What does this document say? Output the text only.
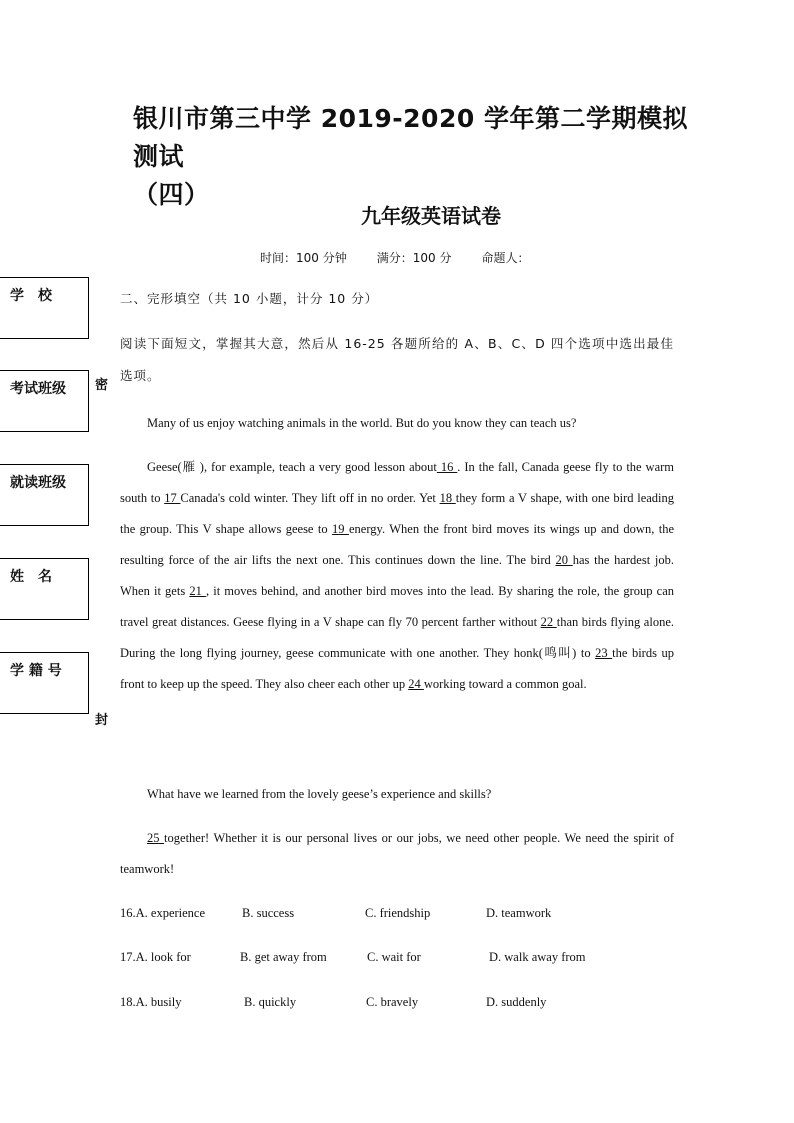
银川市第三中学 2019-2020 学年第二学期模拟测试
（四）
九年级英语试卷
时间：100 分钟	满分：100 分	命题人：
学　校
考试班级
就读班级
姓　名
学 籍 号
密
封
二、完形填空（共 10 小题，计分 10 分）
阅读下面短文，掌握其大意，然后从 16-25 各题所给的 A、B、C、D 四个选项中选出最佳选项。
Many of us enjoy watching animals in the world. But do you know they can teach us?
Geese(雁 ), for example, teach a very good lesson about 16 . In the fall, Canada geese fly to the warm south to 17 Canada's cold winter. They lift off in no order. Yet 18 they form a V shape, with one bird leading the group. This V shape allows geese to 19 energy. When the front bird moves its wings up and down, the resulting force of the air lifts the next one. This continues down the line. The bird 20 has the hardest job. When it gets 21 , it moves behind, and another bird moves into the lead. By sharing the role, the group can travel great distances. Geese flying in a V shape can fly 70 percent farther without 22 than birds flying alone. During the long flying journey, geese communicate with one another. They honk(鸣叫) to 23 the birds up front to keep up the speed. They also cheer each other up 24 working toward a common goal.
What have we learned from the lovely geese’s experience and skills?
25 together! Whether it is our personal lives or our jobs, we need other people. We need the spirit of teamwork!
16.A. experience	B. success	C. friendship	D. teamwork
17.A. look for	B. get away from	C. wait for	D. walk away from
18.A. busily	B. quickly	C. bravely	D. suddenly
